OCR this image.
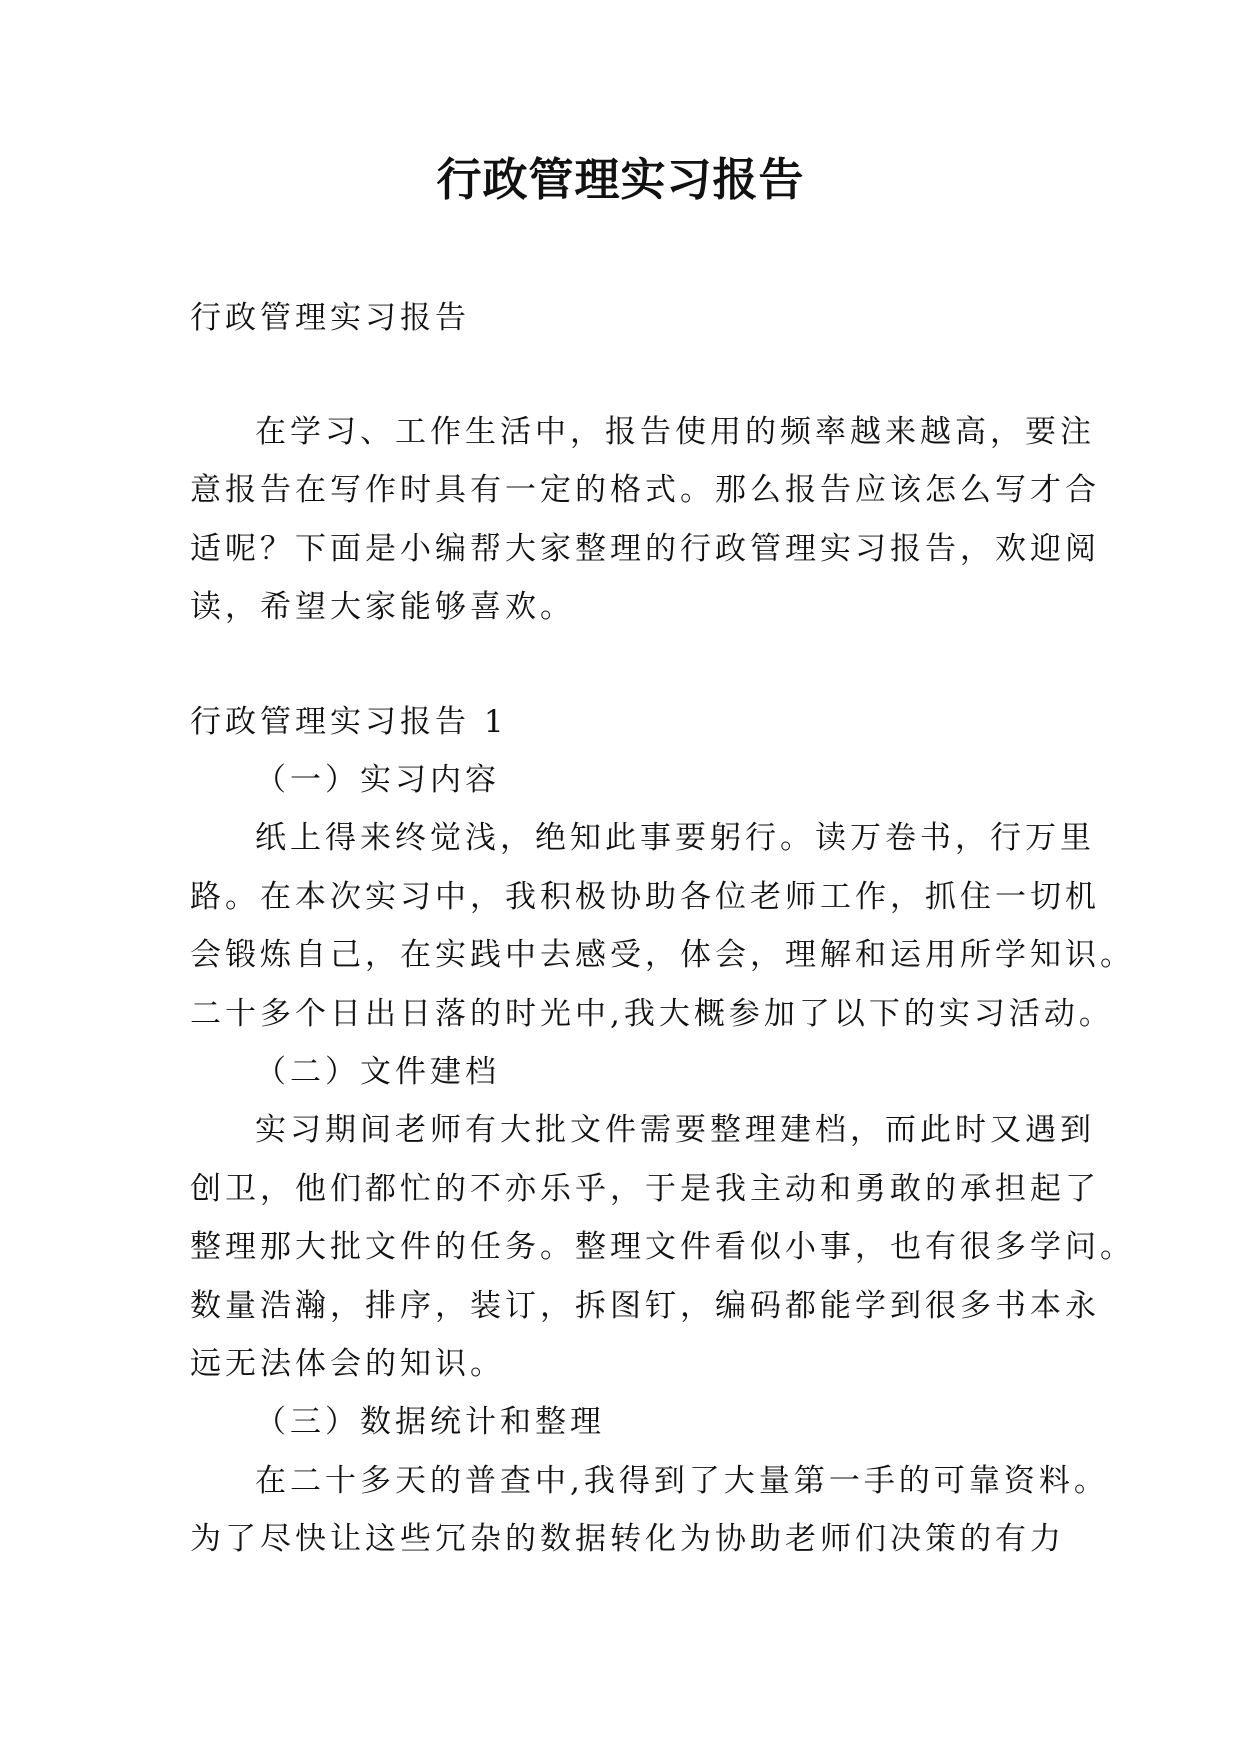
行政管理实习报告
行政管理实习报告
在学习、工作生活中，报告使用的频率越来越高，要注
意报告在写作时具有一定的格式。那么报告应该怎么写才合
适呢？下面是小编帮大家整理的行政管理实习报告，欢迎阅
读，希望大家能够喜欢。
行政管理实习报告 1
（一）实习内容
纸上得来终觉浅，绝知此事要躬行。读万卷书，行万里
路。在本次实习中，我积极协助各位老师工作，抓住一切机
会锻炼自己，在实践中去感受，体会，理解和运用所学知识。
二十多个日出日落的时光中,我大概参加了以下的实习活动。
（二）文件建档
实习期间老师有大批文件需要整理建档，而此时又遇到
创卫，他们都忙的不亦乐乎，于是我主动和勇敢的承担起了
整理那大批文件的任务。整理文件看似小事，也有很多学问。
数量浩瀚，排序，装订，拆图钉，编码都能学到很多书本永
远无法体会的知识。
（三）数据统计和整理
在二十多天的普查中,我得到了大量第一手的可靠资料。
为了尽快让这些冗杂的数据转化为协助老师们决策的有力
